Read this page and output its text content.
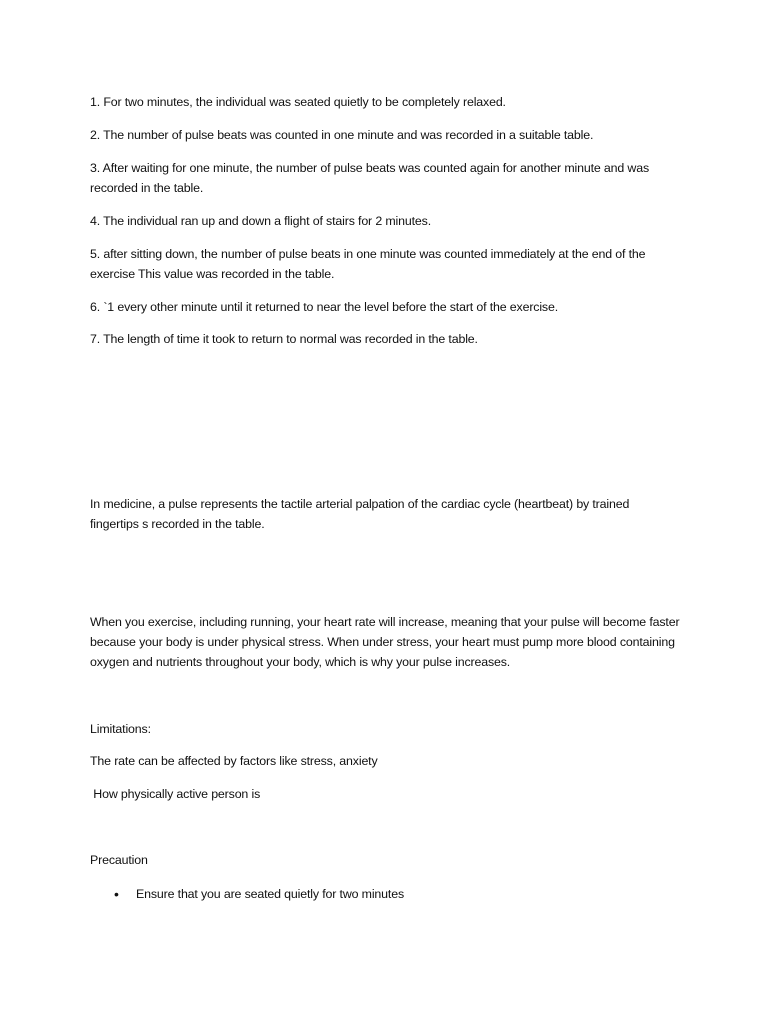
1. For two minutes, the individual was seated quietly to be completely relaxed.

2. The number of pulse beats was counted in one minute and was recorded in a suitable table.

3. After waiting for one minute, the number of pulse beats was counted again for another minute and was recorded in the table.

4. The individual ran up and down a flight of stairs for 2 minutes.

5. after sitting down, the number of pulse beats in one minute was counted immediately at the end of the exercise This value was recorded in the table.

6. `1 every other minute until it returned to near the level before the start of the exercise.

7. The length of time it took to return to normal was recorded in the table.

In medicine, a pulse represents the tactile arterial palpation of the cardiac cycle (heartbeat) by trained fingertips s recorded in the table.

When you exercise, including running, your heart rate will increase, meaning that your pulse will become faster because your body is under physical stress. When under stress, your heart must pump more blood containing oxygen and nutrients throughout your body, which is why your pulse increases.

Limitations:

The rate can be affected by factors like stress, anxiety

How physically active person is

Precaution

•	Ensure that you are seated quietly for two minutes
